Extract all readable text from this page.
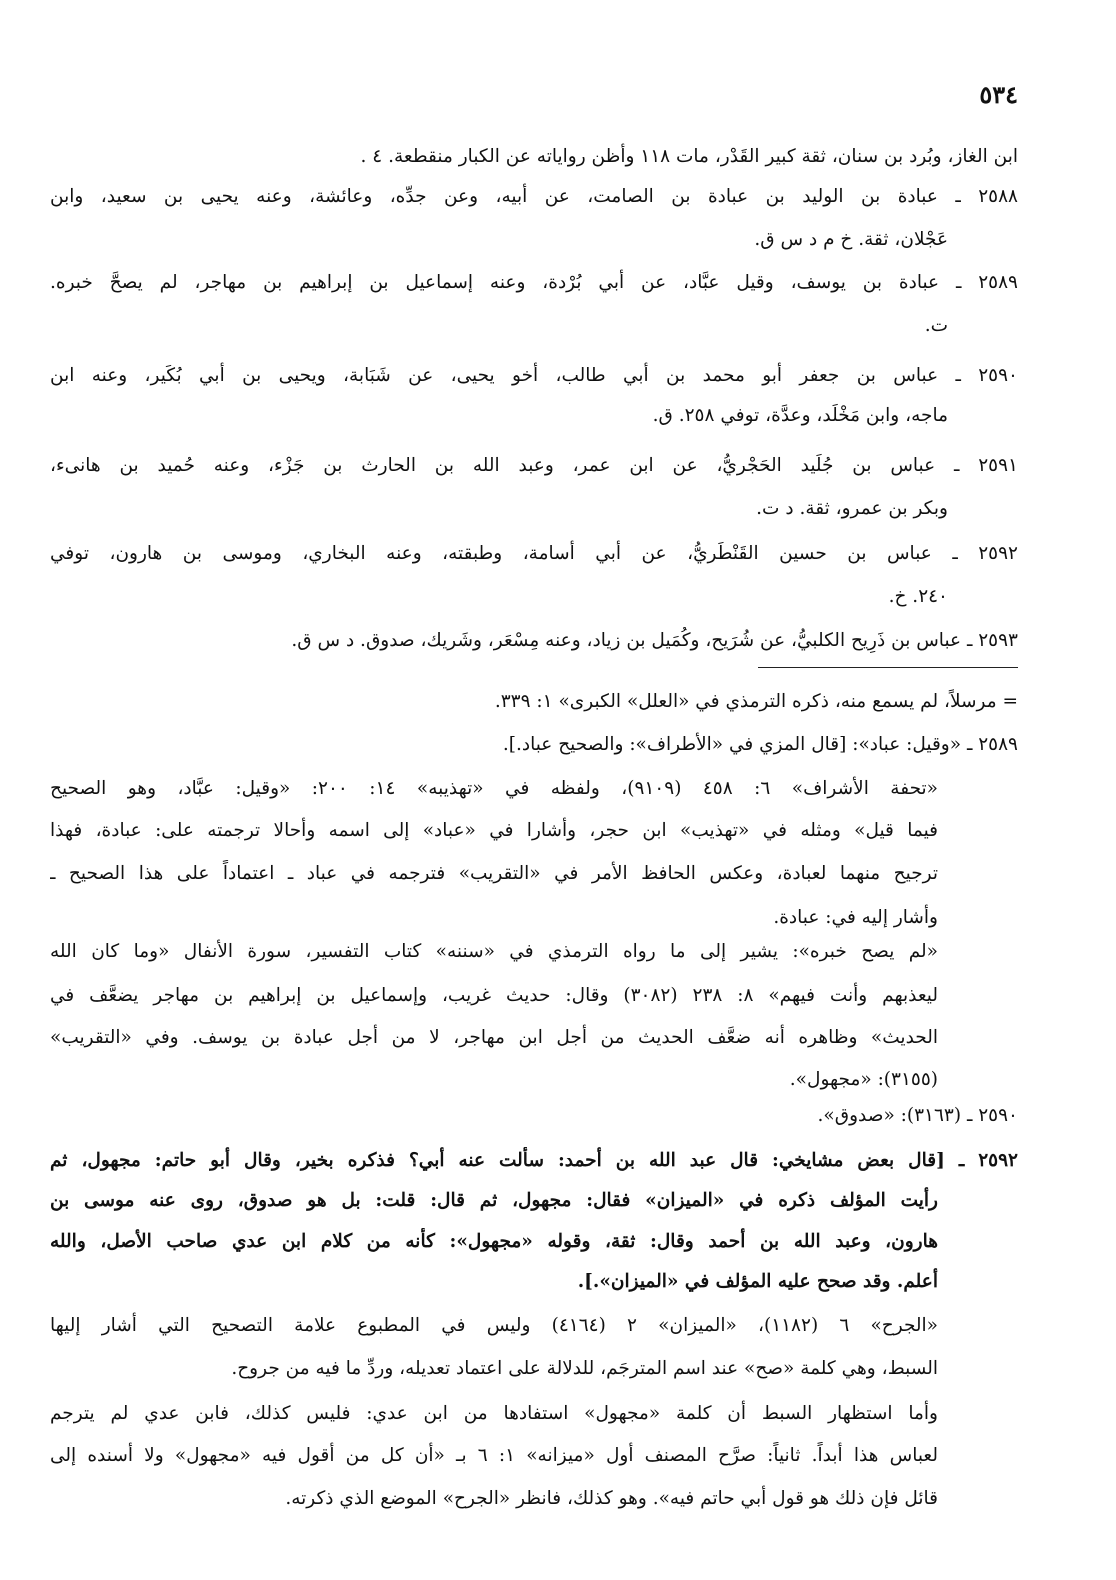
٥٣٤
ابن الغاز، وبُرد بن سنان، ثقة كبير القَدْر، مات ١١٨ وأظن رواياته عن الكبار منقطعة. ٤ .
٢٥٨٨ ـ عبادة بن الوليد بن عبادة بن الصامت، عن أبيه، وعن جدِّه، وعائشة، وعنه يحيى بن سعيد، وابن
عَجْلان، ثقة. خ م د س ق.
٢٥٨٩ ـ عبادة بن يوسف، وقيل عبَّاد، عن أبي بُرْدة، وعنه إسماعيل بن إبراهيم بن مهاجر، لم يصحَّ خبره.
ت.
٢٥٩٠ ـ عباس بن جعفر أبو محمد بن أبي طالب، أخو يحيى، عن شَبَابة، ويحيى بن أبي بُكَير، وعنه ابن
ماجه، وابن مَخْلَد، وعدَّة، توفي ٢٥٨. ق.
٢٥٩١ ـ عباس بن جُلَيد الحَجْريُّ، عن ابن عمر، وعبد الله بن الحارث بن جَزْء، وعنه حُميد بن هانىء،
وبكر بن عمرو، ثقة. د ت.
٢٥٩٢ ـ عباس بن حسين القَنْطَريُّ، عن أبي أسامة، وطبقته، وعنه البخاري، وموسى بن هارون، توفي
٢٤٠. خ.
٢٥٩٣ ـ عباس بن ذَرِيح الكلبيُّ، عن شُرَيح، وكُمَيل بن زياد، وعنه مِسْعَر، وشَريك، صدوق. د س ق.
= مرسلاً، لم يسمع منه، ذكره الترمذي في «العلل» الكبرى» ١: ٣٣٩.
٢٥٨٩ ـ «وقيل: عباد»: [قال المزي في «الأطراف»: والصحيح عباد.].
«تحفة الأشراف» ٦: ٤٥٨ (٩١٠٩)، ولفظه في «تهذيبه» ١٤: ٢٠٠: «وقيل: عبَّاد، وهو الصحيح
فيما قيل» ومثله في «تهذيب» ابن حجر، وأشارا في «عباد» إلى اسمه وأحالا ترجمته على: عبادة، فهذا
ترجيح منهما لعبادة، وعكس الحافظ الأمر في «التقريب» فترجمه في عباد ـ اعتماداً على هذا الصحيح ـ
وأشار إليه في: عبادة.
«لم يصح خبره»: يشير إلى ما رواه الترمذي في «سننه» كتاب التفسير، سورة الأنفال «وما كان الله
ليعذبهم وأنت فيهم» ٨: ٢٣٨ (٣٠٨٢) وقال: حديث غريب، وإسماعيل بن إبراهيم بن مهاجر يضعَّف في
الحديث» وظاهره أنه ضعَّف الحديث من أجل ابن مهاجر، لا من أجل عبادة بن يوسف. وفي «التقريب»
(٣١٥٥): «مجهول».
٢٥٩٠ ـ (٣١٦٣): «صدوق».
٢٥٩٢ ـ [قال بعض مشايخي: قال عبد الله بن أحمد: سألت عنه أبي؟ فذكره بخير، وقال أبو حاتم: مجهول، ثم
رأيت المؤلف ذكره في «الميزان» فقال: مجهول، ثم قال: قلت: بل هو صدوق، روى عنه موسى بن
هارون، وعبد الله بن أحمد وقال: ثقة، وقوله «مجهول»: كأنه من كلام ابن عدي صاحب الأصل، والله
أعلم. وقد صحح عليه المؤلف في «الميزان».].
«الجرح» ٦ (١١٨٢)، «الميزان» ٢ (٤١٦٤) وليس في المطبوع علامة التصحيح التي أشار إليها
السبط، وهي كلمة «صح» عند اسم المترجَم، للدلالة على اعتماد تعديله، وردِّ ما فيه من جروح.
وأما استظهار السبط أن كلمة «مجهول» استفادها من ابن عدي: فليس كذلك، فابن عدي لم يترجم
لعباس هذا أبداً. ثانياً: صرَّح المصنف أول «ميزانه» ١: ٦ بـ «أن كل من أقول فيه «مجهول» ولا أسنده إلى
قائل فإن ذلك هو قول أبي حاتم فيه». وهو كذلك، فانظر «الجرح» الموضع الذي ذكرته.
